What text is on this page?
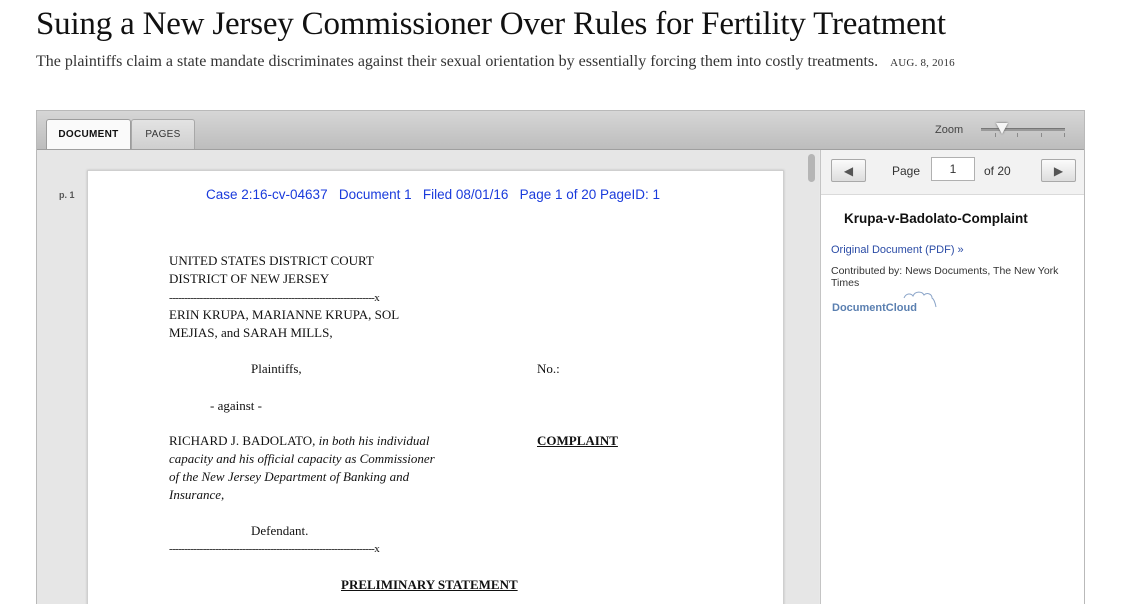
Suing a New Jersey Commissioner Over Rules for Fertility Treatment
The plaintiffs claim a state mandate discriminates against their sexual orientation by essentially forcing them into costly treatments. AUG. 8, 2016
DOCUMENT	PAGES	Zoom
p. 1	Case 2:16-cv-04637   Document 1   Filed 08/01/16   Page 1 of 20 PageID: 1
UNITED STATES DISTRICT COURT
DISTRICT OF NEW JERSEY
-------------------------------------------------------------------x
ERIN KRUPA, MARIANNE KRUPA, SOL
MEJIAS, and SARAH MILLS,
Plaintiffs,	No.:
- against -
RICHARD J. BADOLATO, in both his individual
capacity and his official capacity as Commissioner
of the New Jersey Department of Banking and
Insurance,
COMPLAINT
Defendant.
-------------------------------------------------------------------x
PRELIMINARY STATEMENT
◀	Page
1	of 20	▶
Krupa-v-Badolato-Complaint
Original Document (PDF) »
Contributed by: News Documents, The New York Times
DocumentCloud
